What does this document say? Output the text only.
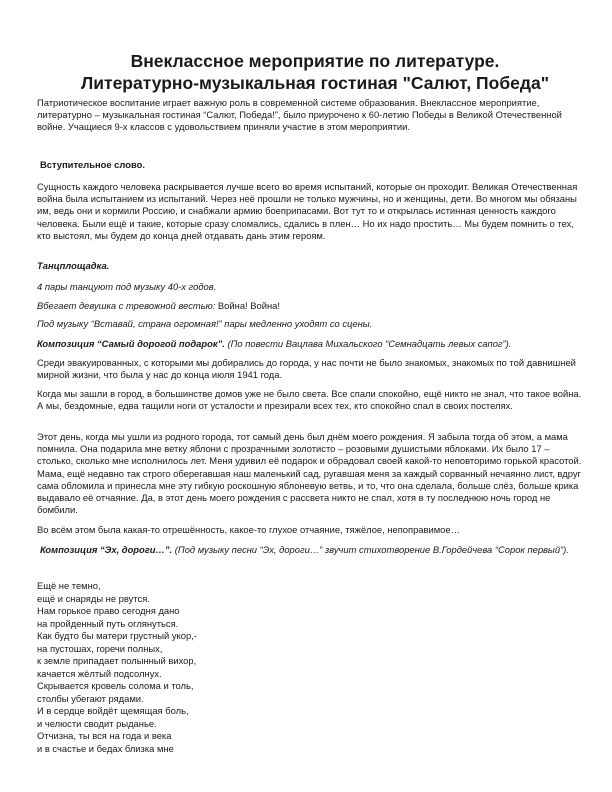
Внеклассное мероприятие по литературе.
Литературно-музыкальная гостиная "Салют, Победа"

Патриотическое воспитание играет важную роль в современной системе образования. Внеклассное мероприятие, литературно – музыкальная гостиная “Салют, Победа!”, было приурочено к 60-летию Победы в Великой Отечественной войне. Учащиеся 9-х классов с удовольствием приняли участие в этом мероприятии.

Вступительное слово.

Сущность каждого человека раскрывается лучше всего во время испытаний, которые он проходит. Великая Отечественная война была испытанием из испытаний. Через неё прошли не только мужчины, но и женщины, дети. Во многом мы обязаны им, ведь они и кормили Россию, и снабжали армию боеприпасами. Вот тут то и открылась истинная ценность каждого человека. Были ещё и такие, которые сразу сломались, сдались в плен… Но их надо простить… Мы будем помнить о тех, кто выстоял, мы будем до конца дней отдавать дань этим героям.

Танцплощадка.

4 пары танцуют под музыку 40-х годов.

Вбегает девушка с тревожной вестью: Война! Война!

Под музыку “Вставай, страна огромная!” пары медленно уходят со сцены.

Композиция “Самый дорогой подарок”. (По повести Вацлава Михальского “Семнадцать левых сапог”).

Среди эвакуированных, с которыми мы добирались до города, у нас почти не было знакомых, знакомых по той давнишней мирной жизни, что была у нас до конца июля 1941 года.

Когда мы зашли в город, в большинстве домов уже не было света. Все спали спокойно, ещё никто не знал, что такое война. А мы, бездомные, едва тащили ноги от усталости и презирали всех тех, кто спокойно спал в своих постелях.

Этот день, когда мы ушли из родного города, тот самый день был днём моего рождения. Я забыла тогда об этом, а мама помнила. Она подарила мне ветку яблони с прозрачными золотисто – розовыми душистыми яблоками. Их было 17 – столько, сколько мне исполнилось лет. Меня удивил её подарок и обрадовал своей какой-то неповторимо горькой красотой. Мама, ещё недавно так строго оберегавшая наш маленький сад, ругавшая меня за каждый сорванный нечаянно лист, вдруг сама обломила и принесла мне эту гибкую роскошную яблоневую ветвь, и то, что она сделала, больше слёз, больше крика выдавало её отчаяние. Да, в этот день моего рождения с рассвета никто не спал, хотя в ту последнюю ночь город не бомбили.

Во всём этом была какая-то отрешённость, какое-то глухое отчаяние, тяжёлое, непоправимое…

Композиция “Эх, дороги…”. (Под музыку песни “Эх, дороги…” звучит стихотворение В.Гордейчева “Сорок первый”).

Ещё не темно,
ещё и снаряды не рвутся.
Нам горькое право сегодня дано
на пройденный путь оглянуться.
Как будто бы матери грустный укор,-
на пустошах, горечи полных,
к земле припадает полынный вихор,
качается жёлтый подсолнух.
Скрывается кровель солома и толь,
столбы убегают рядами.
И в сердце войдёт щемящая боль,
и челюсти сводит рыданье.
Отчизна, ты вся на года и века
и в счастье и бедах близка мне
